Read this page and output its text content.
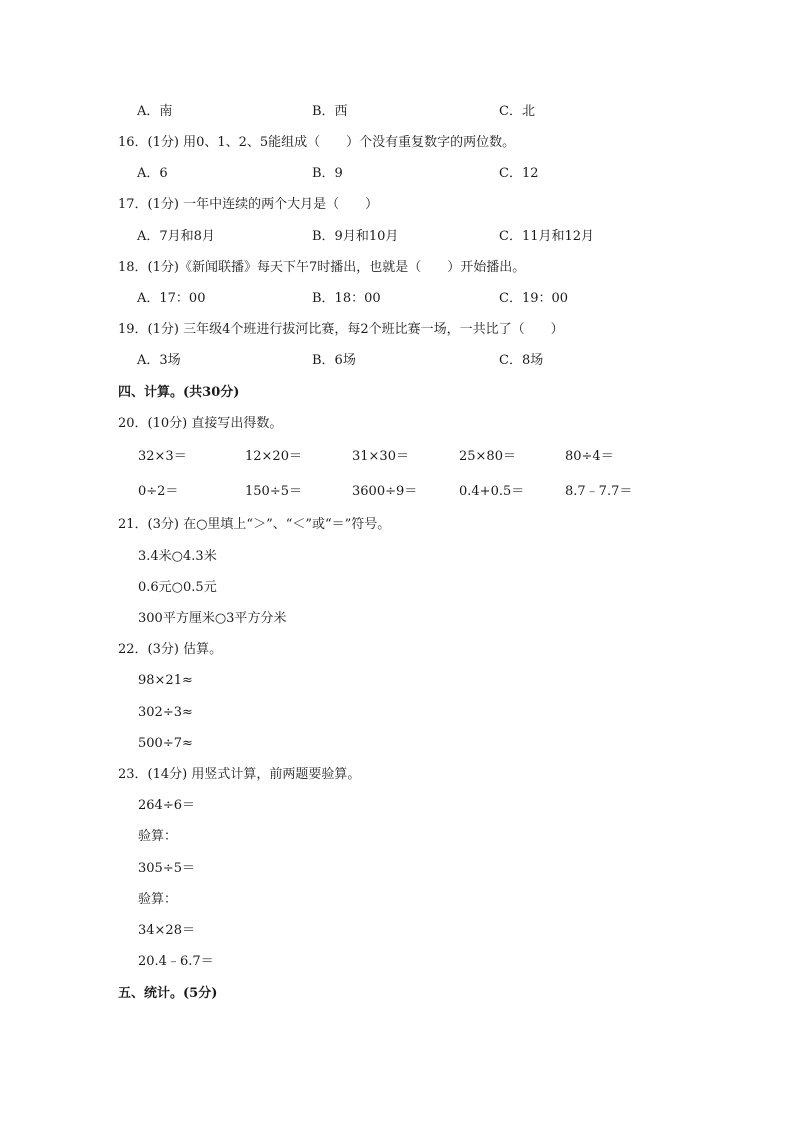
A．南	B．西	C．北
16．(1分) 用0、1、2、5能组成（　　）个没有重复数字的两位数。
A．6	B．9	C．12
17．(1分) 一年中连续的两个大月是（　　）
A．7月和8月	B．9月和10月	C．11月和12月
18．(1分)《新闻联播》每天下午7时播出，也就是（　　）开始播出。
A．17：00	B．18：00	C．19：00
19．(1分) 三年级4个班进行拔河比赛，每2个班比赛一场，一共比了（　　）
A．3场	B．6场	C．8场
四、计算。(共30分)
20．(10分) 直接写出得数。
32×3＝	12×20＝	31×30＝	25×80＝	80÷4＝
0÷2＝	150÷5＝	3600÷9＝	0.4+0.5＝	8.7﹣7.7＝
21．(3分) 在○里填上“＞”、“＜”或“＝”符号。
3.4米○4.3米
0.6元○0.5元
300平方厘米○3平方分米
22．(3分) 估算。
98×21≈
302÷3≈
500÷7≈
23．(14分) 用竖式计算，前两题要验算。
264÷6＝
验算：
305÷5＝
验算：
34×28＝
20.4﹣6.7＝
五、统计。(5分)
